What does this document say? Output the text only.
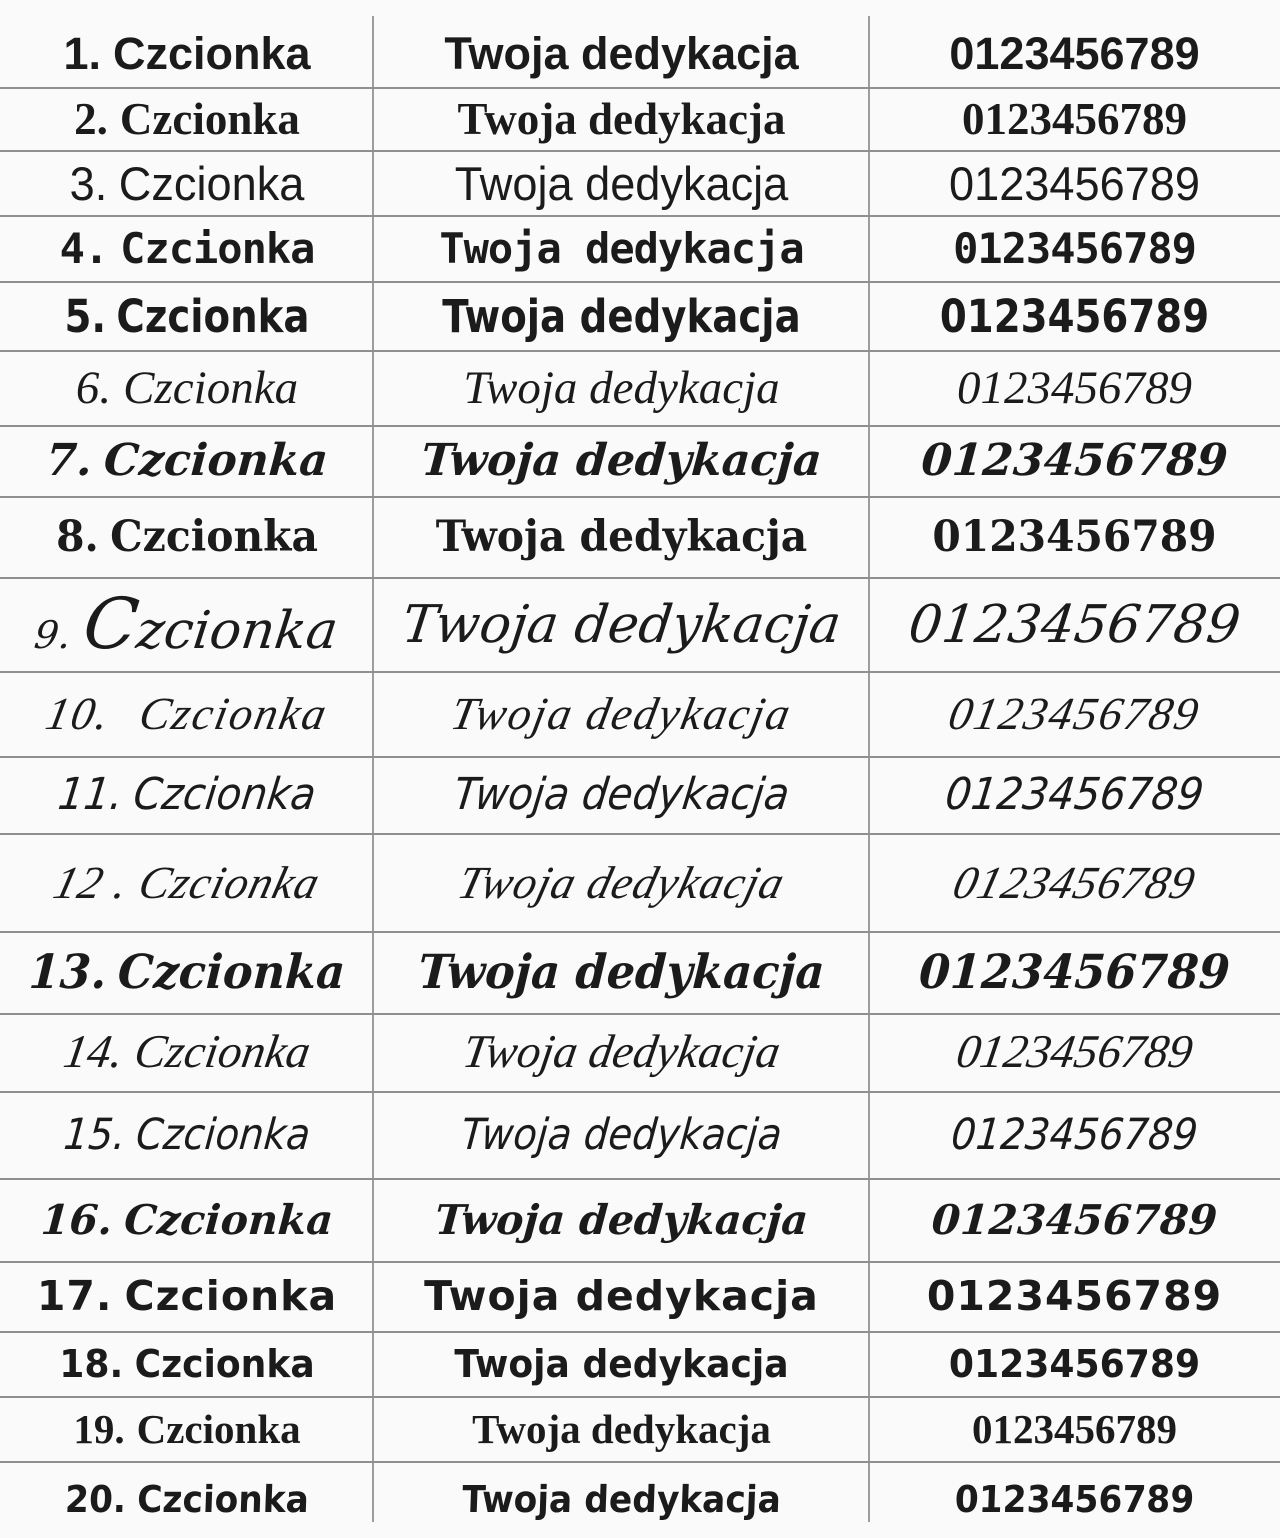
1. Czcionka	Twoja dedykacja	0123456789
2. Czcionka	Twoja dedykacja	0123456789
3. Czcionka	Twoja dedykacja	0123456789
4. Czcionka	Twoja dedykacja	0123456789
5. Czcionka	Twoja dedykacja	0123456789
6. Czcionka	Twoja dedykacja	0123456789
7. Czcionka	Twoja dedykacja	0123456789
8. Czcionka	Twoja dedykacja	0123456789
9. Czcionka	Twoja dedykacja	0123456789
10. Czcionka	Twoja dedykacja	0123456789
11. Czcionka	Twoja dedykacja	0123456789
12 . Czcionka	Twoja dedykacja	0123456789
13. Czcionka	Twoja dedykacja	0123456789
14. Czcionka	Twoja dedykacja	0123456789
15. Czcionka	Twoja dedykacja	0123456789
16. Czcionka	Twoja dedykacja	0123456789
17. Czcionka	Twoja dedykacja	0123456789
18. Czcionka	Twoja dedykacja	0123456789
19. Czcionka	Twoja dedykacja	0123456789
20. Czcionka	Twoja dedykacja	0123456789
